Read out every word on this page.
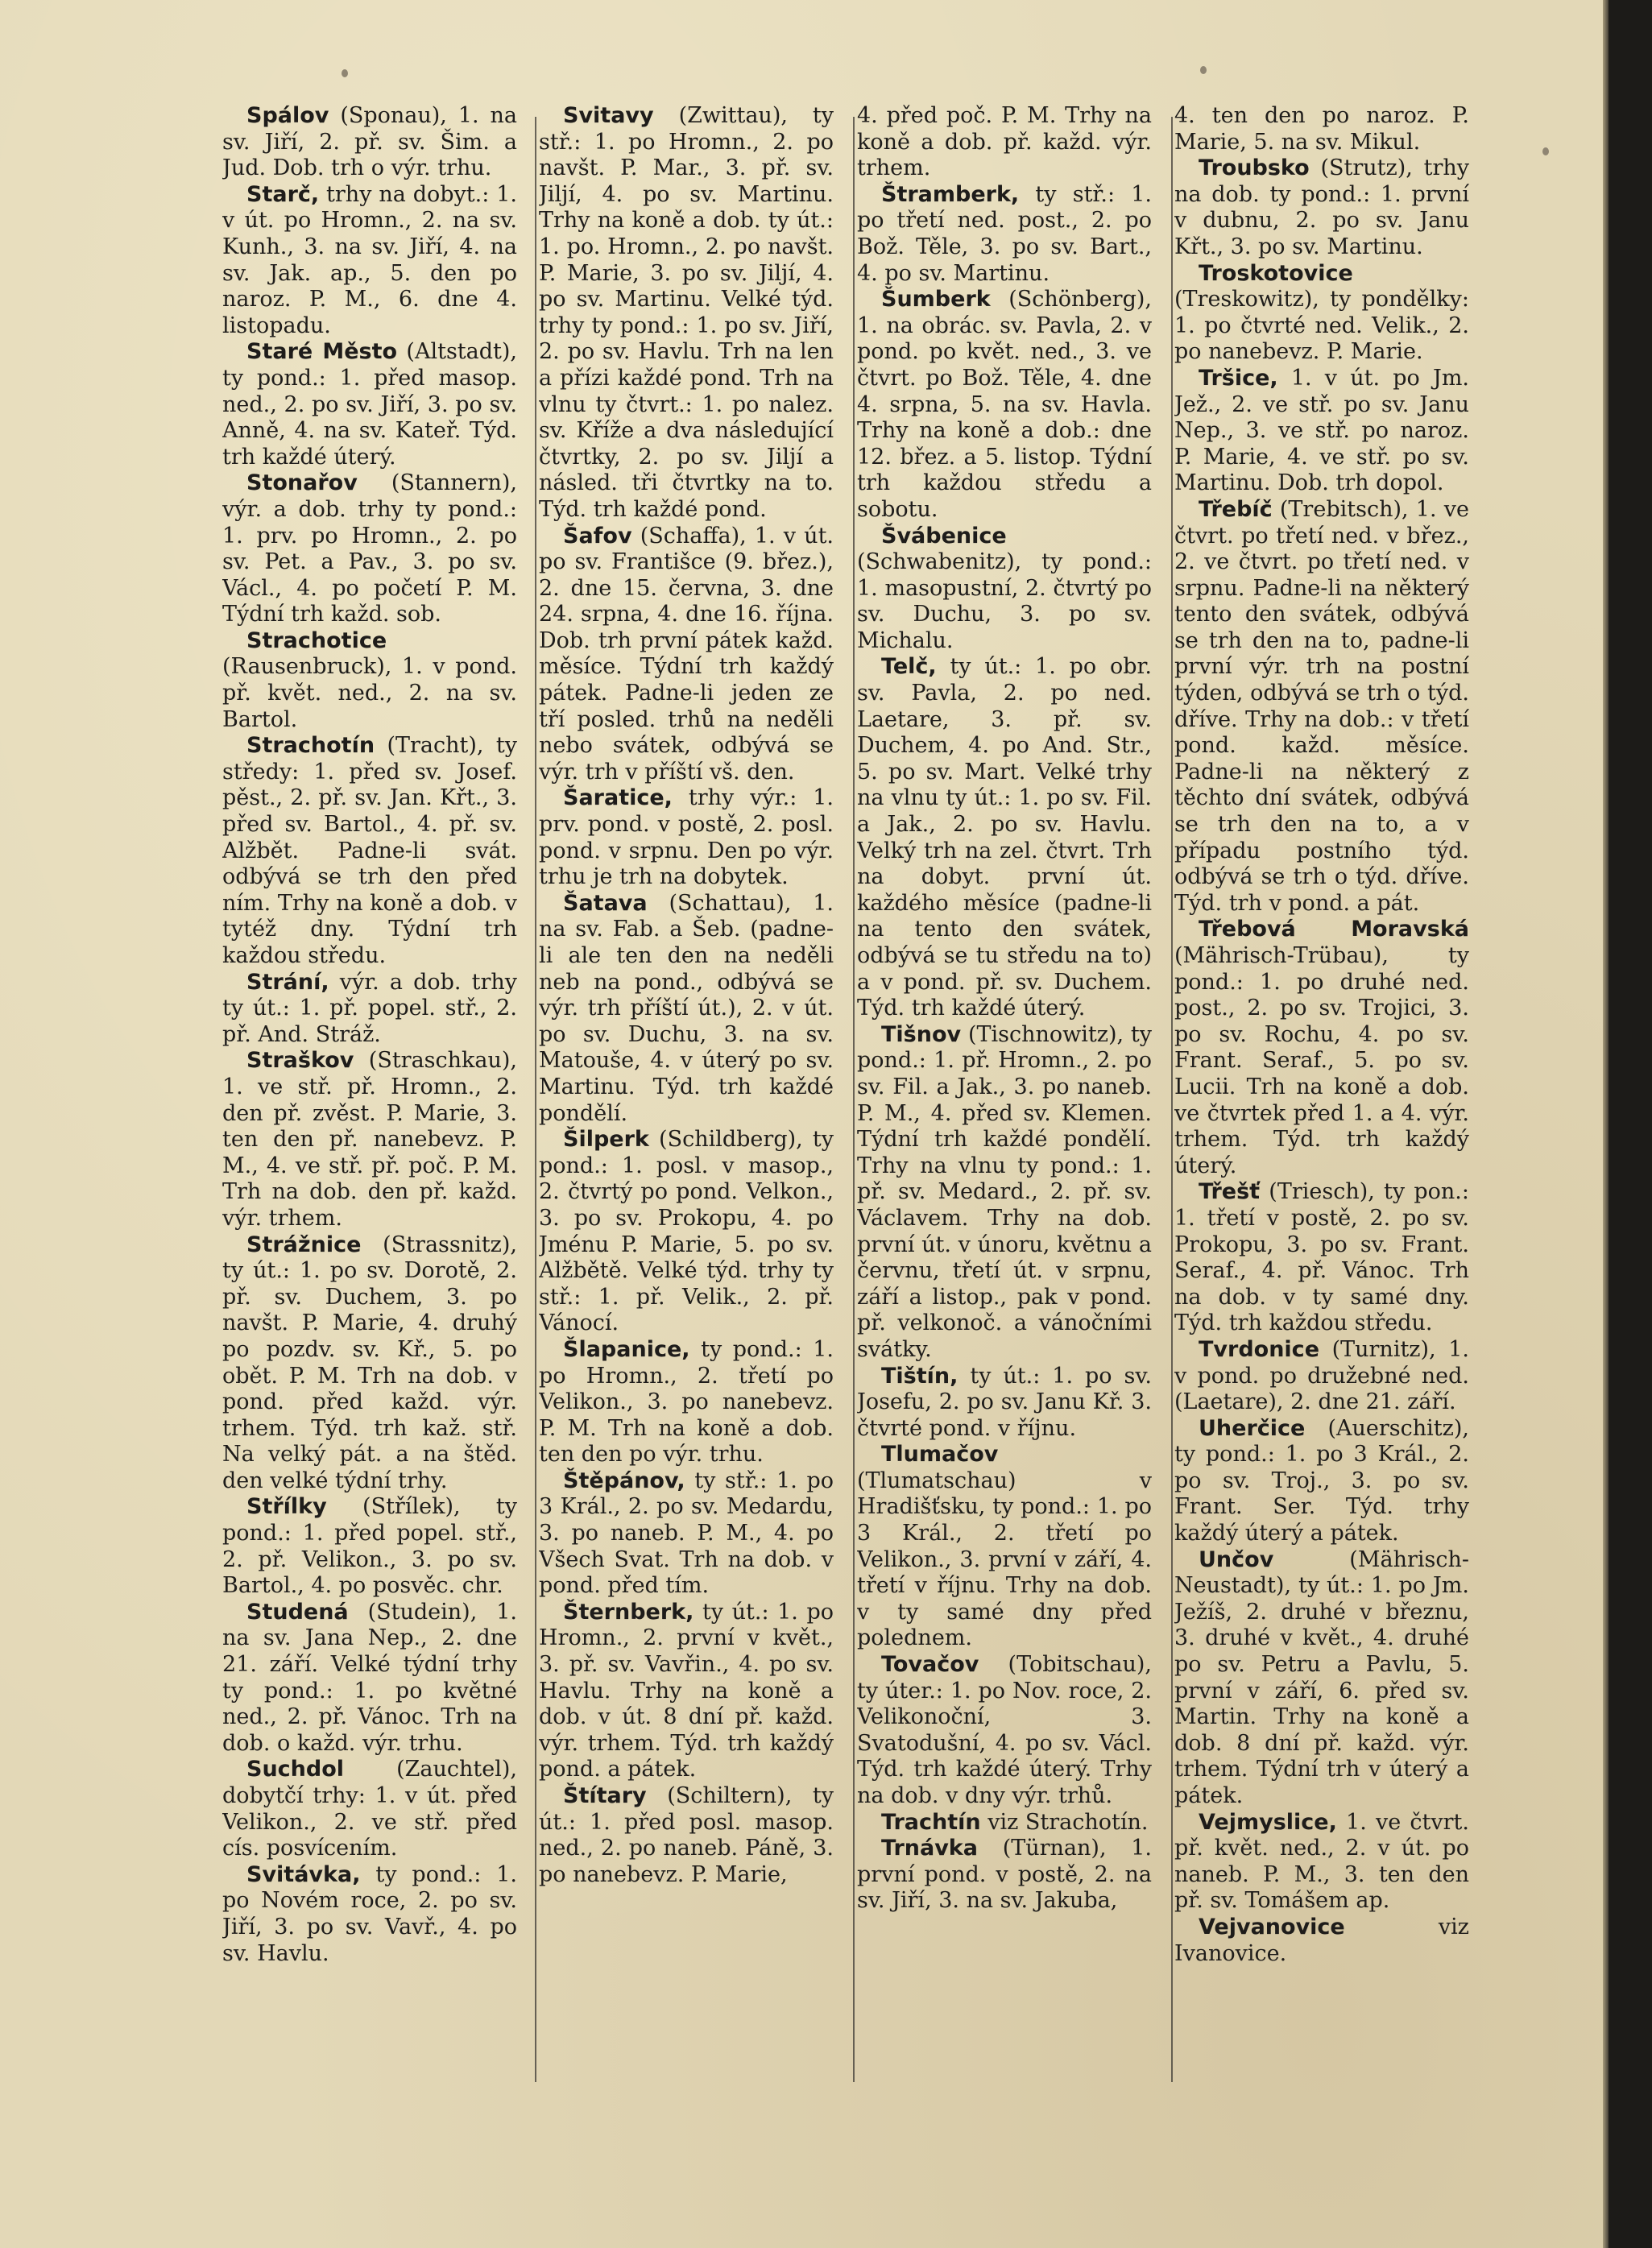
Spálov (Sponau), 1. na sv. Jiří, 2. př. sv. Šim. a Jud. Dob. trh o výr. trhu.

Starč, trhy na dobyt.: 1. v út. po Hromn., 2. na sv. Kunh., 3. na sv. Jiří, 4. na sv. Jak. ap., 5. den po naroz. P. M., 6. dne 4. listopadu.

Staré Město (Altstadt), ty pond.: 1. před masop. ned., 2. po sv. Jiří, 3. po sv. Anně, 4. na sv. Kateř. Týd. trh každé úterý.

Stonařov (Stannern), výr. a dob. trhy ty pond.: 1. prv. po Hromn., 2. po sv. Pet. a Pav., 3. po sv. Václ., 4. po početí P. M. Týdní trh každ. sob.

Strachotice (Rausenbruck), 1. v pond. př. květ. ned., 2. na sv. Bartol.

Strachotín (Tracht), ty středy: 1. před sv. Josef. pěst., 2. př. sv. Jan. Křt., 3. před sv. Bartol., 4. př. sv. Alžbět. Padne-li svát. odbývá se trh den před ním. Trhy na koně a dob. v tytéž dny. Týdní trh každou středu.

Strání, výr. a dob. trhy ty út.: 1. př. popel. stř., 2. př. And. Stráž.

Straškov (Straschkau), 1. ve stř. př. Hromn., 2. den př. zvěst. P. Marie, 3. ten den př. nanebevz. P. M., 4. ve stř. př. poč. P. M. Trh na dob. den př. každ. výr. trhem.

Strážnice (Strassnitz), ty út.: 1. po sv. Dorotě, 2. př. sv. Duchem, 3. po navšt. P. Marie, 4. druhý po pozdv. sv. Kř., 5. po obět. P. M. Trh na dob. v pond. před každ. výr. trhem. Týd. trh kaž. stř. Na velký pát. a na štěd. den velké týdní trhy.

Střílky (Střílek), ty pond.: 1. před popel. stř., 2. př. Velikon., 3. po sv. Bartol., 4. po posvěc. chr.

Studená (Studein), 1. na sv. Jana Nep., 2. dne 21. září. Velké týdní trhy ty pond.: 1. po květné ned., 2. př. Vánoc. Trh na dob. o každ. výr. trhu.

Suchdol (Zauchtel), dobytčí trhy: 1. v út. před Velikon., 2. ve stř. před cís. posvícením.

Svitávka, ty pond.: 1. po Novém roce, 2. po sv. Jiří, 3. po sv. Vavř., 4. po sv. Havlu.

Svitavy (Zwittau), ty stř.: 1. po Hromn., 2. po navšt. P. Mar., 3. př. sv. Jiljí, 4. po sv. Martinu. Trhy na koně a dob. ty út.: 1. po. Hromn., 2. po navšt. P. Marie, 3. po sv. Jiljí, 4. po sv. Martinu. Velké týd. trhy ty pond.: 1. po sv. Jiří, 2. po sv. Havlu. Trh na len a přízi každé pond. Trh na vlnu ty čtvrt.: 1. po nalez. sv. Kříže a dva následující čtvrtky, 2. po sv. Jiljí a násled. tři čtvrtky na to. Týd. trh každé pond.

Šafov (Schaffa), 1. v út. po sv. Františce (9. břez.), 2. dne 15. června, 3. dne 24. srpna, 4. dne 16. října. Dob. trh první pátek každ. měsíce. Týdní trh každý pátek. Padne-li jeden ze tří posled. trhů na neděli nebo svátek, odbývá se výr. trh v příští vš. den.

Šaratice, trhy výr.: 1. prv. pond. v postě, 2. posl. pond. v srpnu. Den po výr. trhu je trh na dobytek.

Šatava (Schattau), 1. na sv. Fab. a Šeb. (padne-li ale ten den na neděli neb na pond., odbývá se výr. trh příští út.), 2. v út. po sv. Duchu, 3. na sv. Matouše, 4. v úterý po sv. Martinu. Týd. trh každé pondělí.

Šilperk (Schildberg), ty pond.: 1. posl. v masop., 2. čtvrtý po pond. Velkon., 3. po sv. Prokopu, 4. po Jménu P. Marie, 5. po sv. Alžbětě. Velké týd. trhy ty stř.: 1. př. Velik., 2. př. Vánocí.

Šlapanice, ty pond.: 1. po Hromn., 2. třetí po Velikon., 3. po nanebevz. P. M. Trh na koně a dob. ten den po výr. trhu.

Štěpánov, ty stř.: 1. po 3 Král., 2. po sv. Medardu, 3. po naneb. P. M., 4. po Všech Svat. Trh na dob. v pond. před tím.

Šternberk, ty út.: 1. po Hromn., 2. první v květ., 3. př. sv. Vavřin., 4. po sv. Havlu. Trhy na koně a dob. v út. 8 dní př. každ. výr. trhem. Týd. trh každý pond. a pátek.

Štítary (Schiltern), ty út.: 1. před posl. masop. ned., 2. po naneb. Páně, 3. po nanebevz. P. Marie,

4. před poč. P. M. Trhy na koně a dob. př. každ. výr. trhem.

Štramberk, ty stř.: 1. po třetí ned. post., 2. po Bož. Těle, 3. po sv. Bart., 4. po sv. Martinu.

Šumberk (Schönberg), 1. na obrác. sv. Pavla, 2. v pond. po květ. ned., 3. ve čtvrt. po Bož. Těle, 4. dne 4. srpna, 5. na sv. Havla. Trhy na koně a dob.: dne 12. břez. a 5. listop. Týdní trh každou středu a sobotu.

Švábenice (Schwabenitz), ty pond.: 1. masopustní, 2. čtvrtý po sv. Duchu, 3. po sv. Michalu.

Telč, ty út.: 1. po obr. sv. Pavla, 2. po ned. Laetare, 3. př. sv. Duchem, 4. po And. Str., 5. po sv. Mart. Velké trhy na vlnu ty út.: 1. po sv. Fil. a Jak., 2. po sv. Havlu. Velký trh na zel. čtvrt. Trh na dobyt. první út. každého měsíce (padne-li na tento den svátek, odbývá se tu středu na to) a v pond. př. sv. Duchem. Týd. trh každé úterý.

Tišnov (Tischnowitz), ty pond.: 1. př. Hromn., 2. po sv. Fil. a Jak., 3. po naneb. P. M., 4. před sv. Klemen. Týdní trh každé pondělí. Trhy na vlnu ty pond.: 1. př. sv. Medard., 2. př. sv. Václavem. Trhy na dob. první út. v únoru, květnu a červnu, třetí út. v srpnu, září a listop., pak v pond. př. velkonoč. a vánočními svátky.

Tištín, ty út.: 1. po sv. Josefu, 2. po sv. Janu Kř. 3. čtvrté pond. v říjnu.

Tlumačov (Tlumatschau) v Hradišťsku, ty pond.: 1. po 3 Král., 2. třetí po Velikon., 3. první v září, 4. třetí v říjnu. Trhy na dob. v ty samé dny před polednem.

Tovačov (Tobitschau), ty úter.: 1. po Nov. roce, 2. Velikonoční, 3. Svatodušní, 4. po sv. Václ. Týd. trh každé úterý. Trhy na dob. v dny výr. trhů.

Trachtín viz Strachotín.

Trnávka (Türnan), 1. první pond. v postě, 2. na sv. Jiří, 3. na sv. Jakuba,

4. ten den po naroz. P. Marie, 5. na sv. Mikul.

Troubsko (Strutz), trhy na dob. ty pond.: 1. první v dubnu, 2. po sv. Janu Křt., 3. po sv. Martinu.

Troskotovice (Treskowitz), ty pondělky: 1. po čtvrté ned. Velik., 2. po nanebevz. P. Marie.

Tršice, 1. v út. po Jm. Jež., 2. ve stř. po sv. Janu Nep., 3. ve stř. po naroz. P. Marie, 4. ve stř. po sv. Martinu. Dob. trh dopol.

Třebíč (Trebitsch), 1. ve čtvrt. po třetí ned. v břez., 2. ve čtvrt. po třetí ned. v srpnu. Padne-li na některý tento den svátek, odbývá se trh den na to, padne-li první výr. trh na postní týden, odbývá se trh o týd. dříve. Trhy na dob.: v třetí pond. každ. měsíce. Padne-li na některý z těchto dní svátek, odbývá se trh den na to, a v případu postního týd. odbývá se trh o týd. dříve. Týd. trh v pond. a pát.

Třebová Moravská (Mährisch-Trübau), ty pond.: 1. po druhé ned. post., 2. po sv. Trojici, 3. po sv. Rochu, 4. po sv. Frant. Seraf., 5. po sv. Lucii. Trh na koně a dob. ve čtvrtek před 1. a 4. výr. trhem. Týd. trh každý úterý.

Třešť (Triesch), ty pon.: 1. třetí v postě, 2. po sv. Prokopu, 3. po sv. Frant. Seraf., 4. př. Vánoc. Trh na dob. v ty samé dny. Týd. trh každou středu.

Tvrdonice (Turnitz), 1. v pond. po družebné ned. (Laetare), 2. dne 21. září.

Uherčice (Auerschitz), ty pond.: 1. po 3 Král., 2. po sv. Troj., 3. po sv. Frant. Ser. Týd. trhy každý úterý a pátek.

Unčov (Mährisch-Neustadt), ty út.: 1. po Jm. Ježíš, 2. druhé v březnu, 3. druhé v květ., 4. druhé po sv. Petru a Pavlu, 5. první v září, 6. před sv. Martin. Trhy na koně a dob. 8 dní př. každ. výr. trhem. Týdní trh v úterý a pátek.

Vejmyslice, 1. ve čtvrt. př. květ. ned., 2. v út. po naneb. P. M., 3. ten den př. sv. Tomášem ap.

Vejvanovice viz Ivanovice.
